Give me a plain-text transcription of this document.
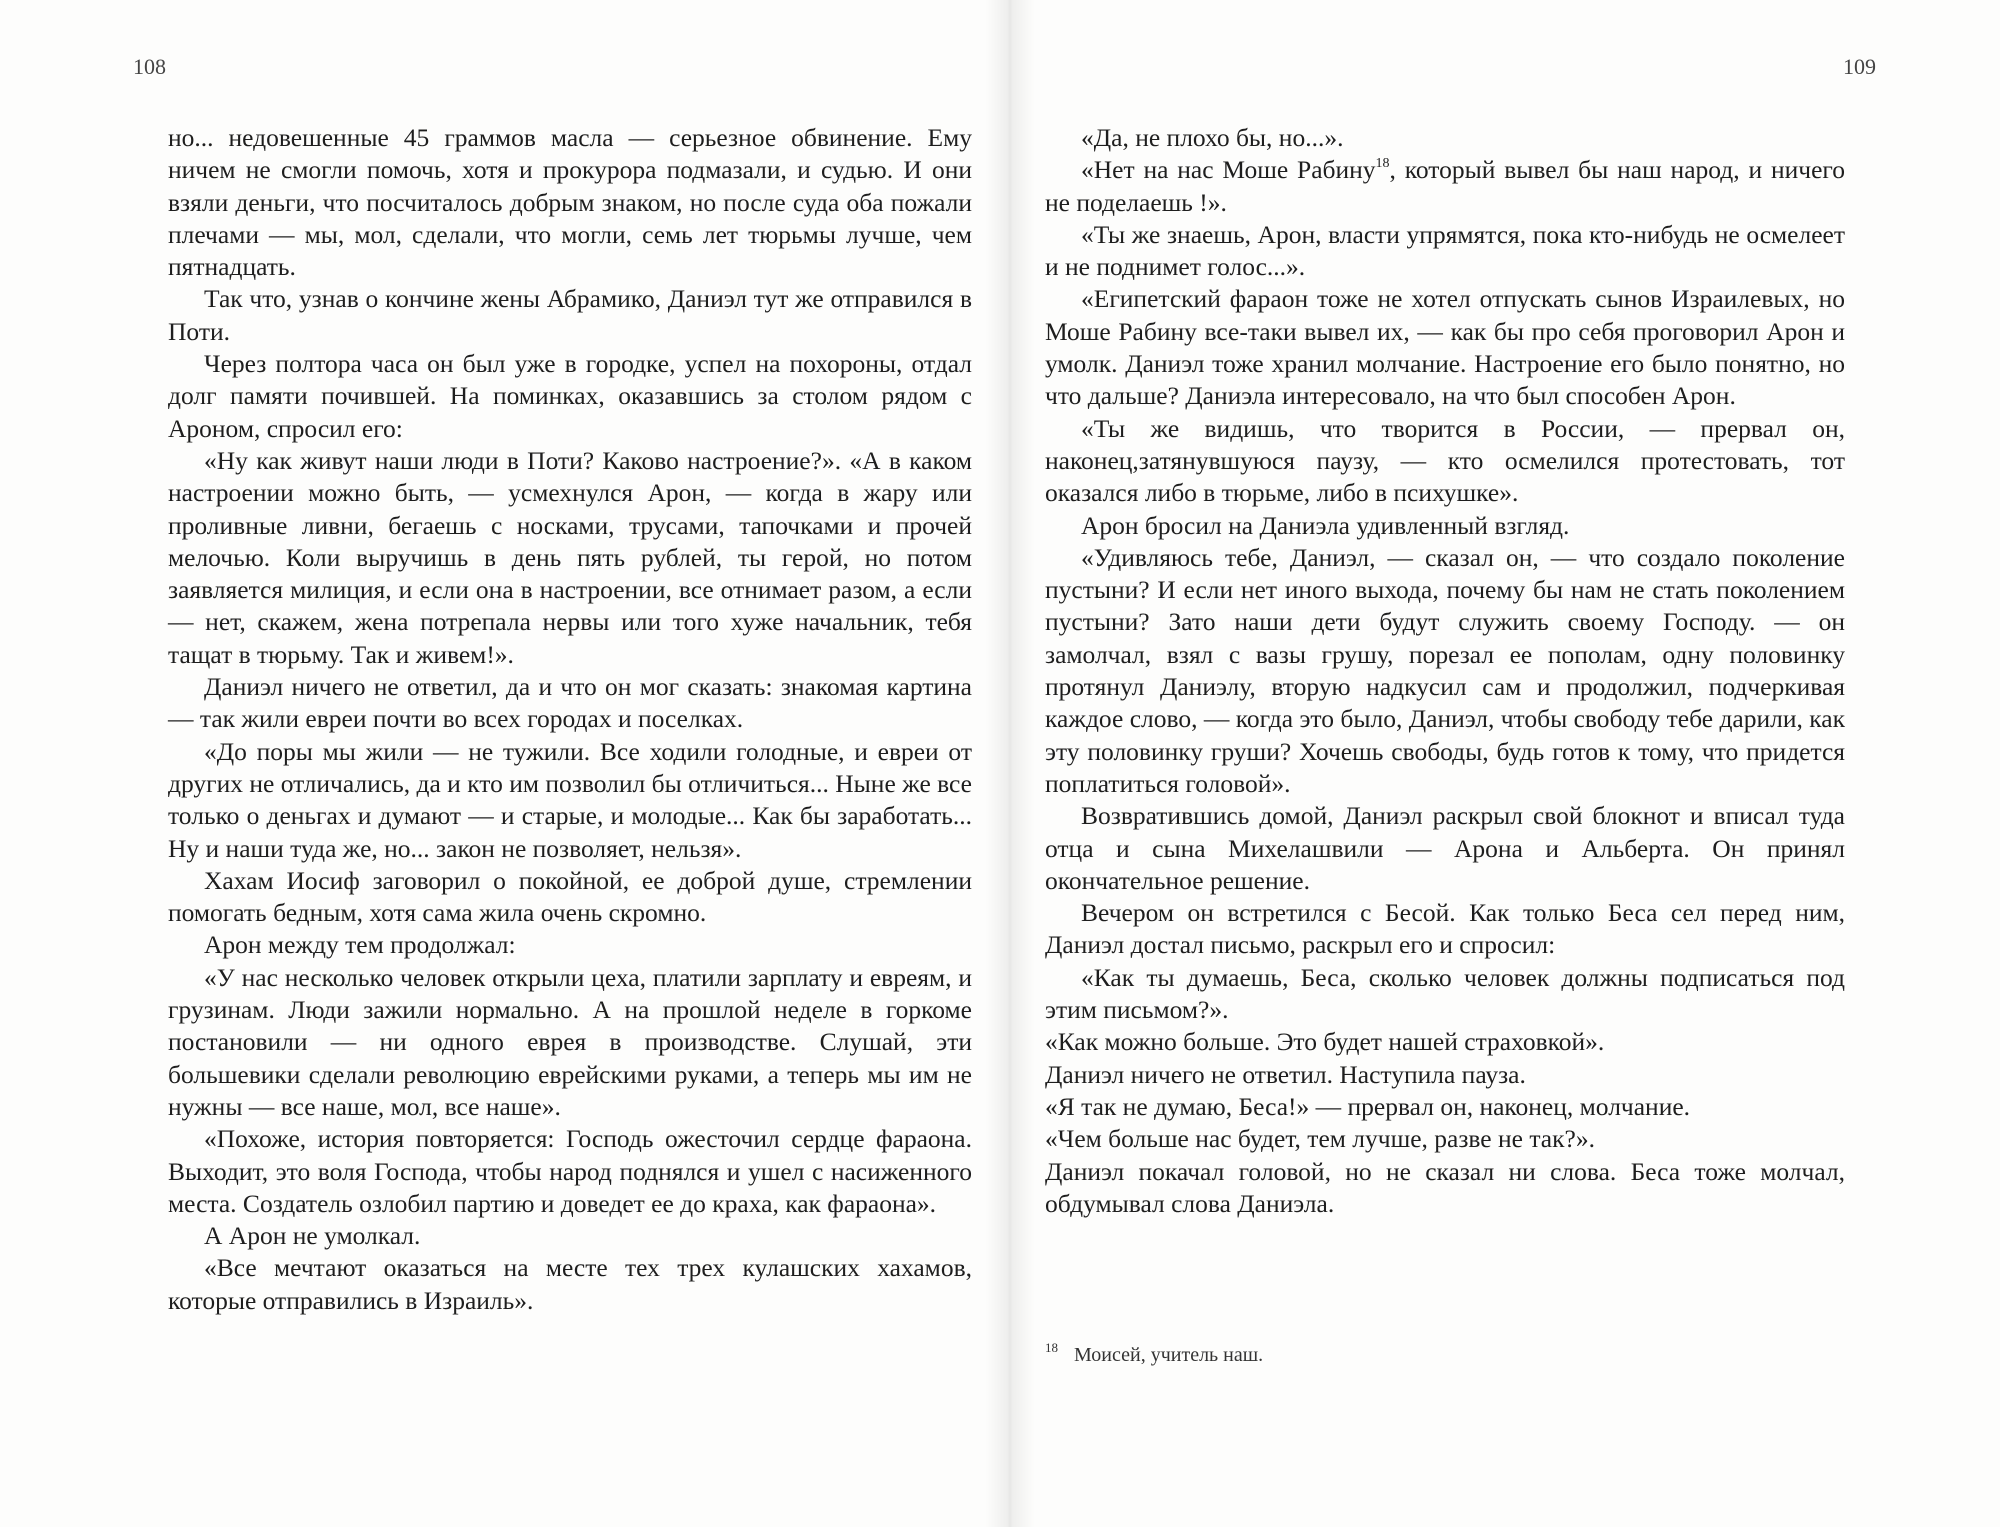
108	109

но... недовешенные 45 граммов масла — серьезное обвинение. Ему ничем не смогли помочь, хотя и прокурора подмазали, и судью. И они взяли деньги, что посчиталось добрым знаком, но после суда оба пожали плечами — мы, мол, сделали, что могли, семь лет тюрьмы лучше, чем пятнадцать.

Так что, узнав о кончине жены Абрамико, Даниэл тут же отправился в Поти.

Через полтора часа он был уже в городке, успел на похороны, отдал долг памяти почившей. На поминках, оказавшись за столом рядом с Ароном, спросил его:

«Ну как живут наши люди в Поти? Каково настроение?». «А в каком настроении можно быть, — усмехнулся Арон, — когда в жару или проливные ливни, бегаешь с носками, трусами, тапочками и прочей мелочью. Коли выручишь в день пять рублей, ты герой, но потом заявляется милиция, и если она в настроении, все отнимает разом, а если — нет, скажем, жена потрепала нервы или того хуже начальник, тебя тащат в тюрьму. Так и живем!».

Даниэл ничего не ответил, да и что он мог сказать: знакомая картина — так жили евреи почти во всех городах и поселках.

«До поры мы жили — не тужили. Все ходили голодные, и евреи от других не отличались, да и кто им позволил бы отличиться... Ныне же все только о деньгах и думают — и старые, и молодые... Как бы заработать... Ну и наши туда же, но... закон не позволяет, нельзя».

Хахам Иосиф заговорил о покойной, ее доброй душе, стремлении помогать бедным, хотя сама жила очень скромно.

Арон между тем продолжал:

«У нас несколько человек открыли цеха, платили зарплату и евреям, и грузинам. Люди зажили нормально. А на прошлой неделе в горкоме постановили — ни одного еврея в производстве. Слушай, эти большевики сделали революцию еврейскими руками, а теперь мы им не нужны — все наше, мол, все наше».

«Похоже, история повторяется: Господь ожесточил сердце фараона. Выходит, это воля Господа, чтобы народ поднялся и ушел с насиженного места. Создатель озлобил партию и доведет ее до краха, как фараона».

А Арон не умолкал.

«Все мечтают оказаться на месте тех трех кулашских хахамов, которые отправились в Израиль».

«Да, не плохо бы, но...».

«Нет на нас Моше Рабину$^{18}$, который вывел бы наш народ, и ничего не поделаешь !».

«Ты же знаешь, Арон, власти упрямятся, пока кто-нибудь не осмелеет и не поднимет голос...».

«Египетский фараон тоже не хотел отпускать сынов Израилевых, но Моше Рабину все-таки вывел их, — как бы про себя проговорил Арон и умолк. Даниэл тоже хранил молчание. Настроение его было понятно, но что дальше? Даниэла интересовало, на что был способен Арон.

«Ты же видишь, что творится в России, — прервал он, наконец,затянувшуюся паузу, — кто осмелился протестовать, тот оказался либо в тюрьме, либо в психушке».

Арон бросил на Даниэла удивленный взгляд.

«Удивляюсь тебе, Даниэл, — сказал он, — что создало поколение пустыни? И если нет иного выхода, почему бы нам не стать поколением пустыни? Зато наши дети будут служить своему Господу. — он замолчал, взял с вазы грушу, порезал ее пополам, одну половинку протянул Даниэлу, вторую надкусил сам и продолжил, подчеркивая каждое слово, — когда это было, Даниэл, чтобы свободу тебе дарили, как эту половинку груши? Хочешь свободы, будь готов к тому, что придется поплатиться головой».

Возвратившись домой, Даниэл раскрыл свой блокнот и вписал туда отца и сына Михелашвили — Арона и Альберта. Он принял окончательное решение.

Вечером он встретился с Бесой. Как только Беса сел перед ним, Даниэл достал письмо, раскрыл его и спросил:

«Как ты думаешь, Беса, сколько человек должны подписаться под этим письмом?».

«Как можно больше. Это будет нашей страховкой».

Даниэл ничего не ответил. Наступила пауза.

«Я так не думаю, Беса!» — прервал он, наконец, молчание.

«Чем больше нас будет, тем лучше, разве не так?».

Даниэл покачал головой, но не сказал ни слова. Беса тоже молчал, обдумывал слова Даниэла.

$^{18}$ Моисей, учитель наш.
